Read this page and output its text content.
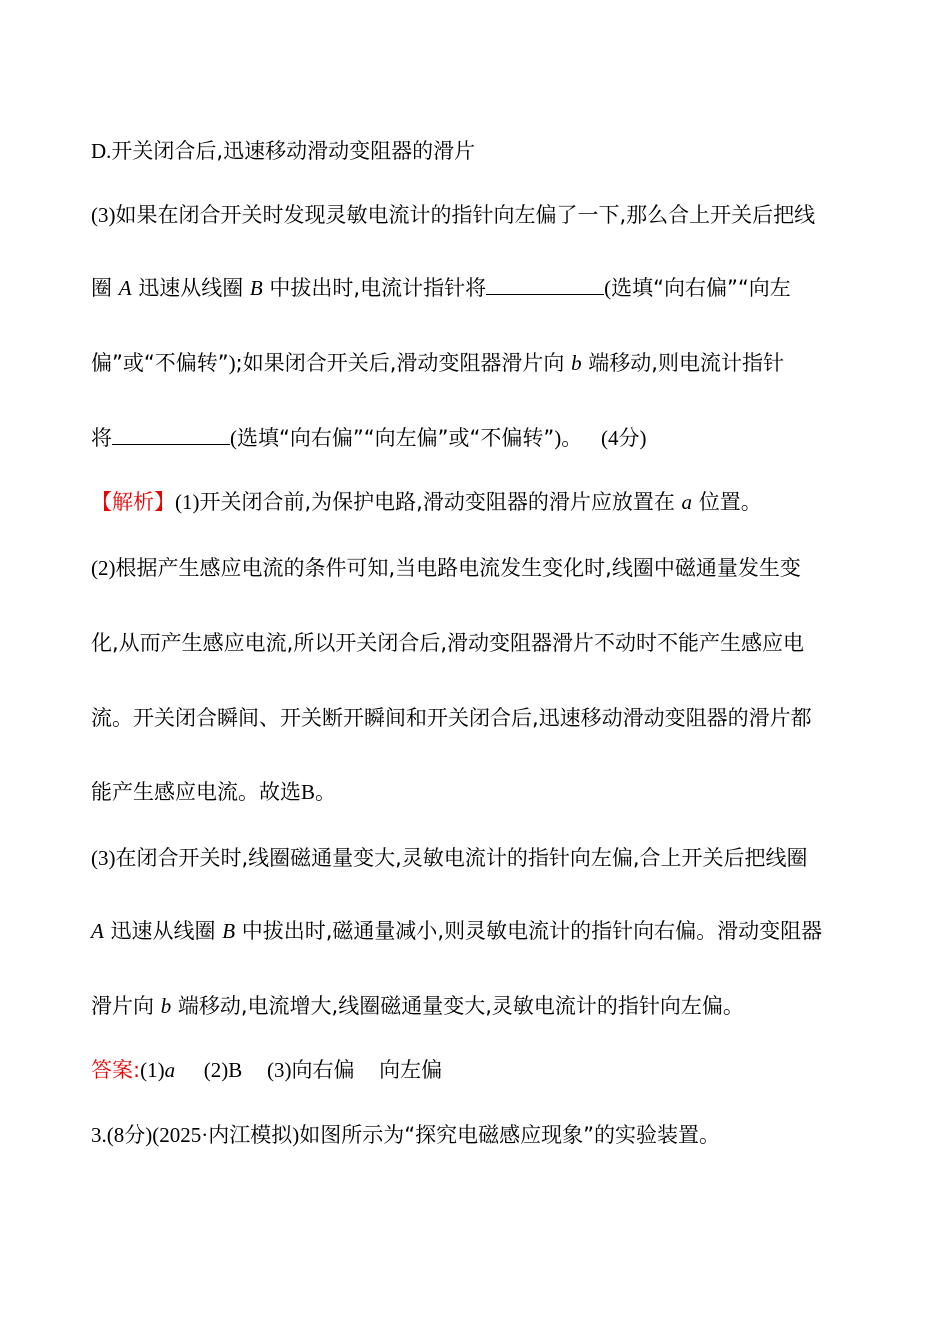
D.开关闭合后,迅速移动滑动变阻器的滑片
(3)如果在闭合开关时发现灵敏电流计的指针向左偏了一下,那么合上开关后把线
圈 A 迅速从线圈 B 中拔出时,电流计指针将	(选填“向右偏”“向左
偏”或“不偏转”);如果闭合开关后,滑动变阻器滑片向 b 端移动,则电流计指针
将	(选填“向右偏”“向左偏”或“不偏转”)。 (4分)
【解析】(1)开关闭合前,为保护电路,滑动变阻器的滑片应放置在 a 位置。
(2)根据产生感应电流的条件可知,当电路电流发生变化时,线圈中磁通量发生变
化,从而产生感应电流,所以开关闭合后,滑动变阻器滑片不动时不能产生感应电
流。开关闭合瞬间、开关断开瞬间和开关闭合后,迅速移动滑动变阻器的滑片都
能产生感应电流。故选B。
(3)在闭合开关时,线圈磁通量变大,灵敏电流计的指针向左偏,合上开关后把线圈
A 迅速从线圈 B 中拔出时,磁通量减小,则灵敏电流计的指针向右偏。滑动变阻器
滑片向 b 端移动,电流增大,线圈磁通量变大,灵敏电流计的指针向左偏。
答案:(1)a (2)B (3)向右偏 向左偏
3.(8分)(2025·内江模拟)如图所示为“探究电磁感应现象”的实验装置。
